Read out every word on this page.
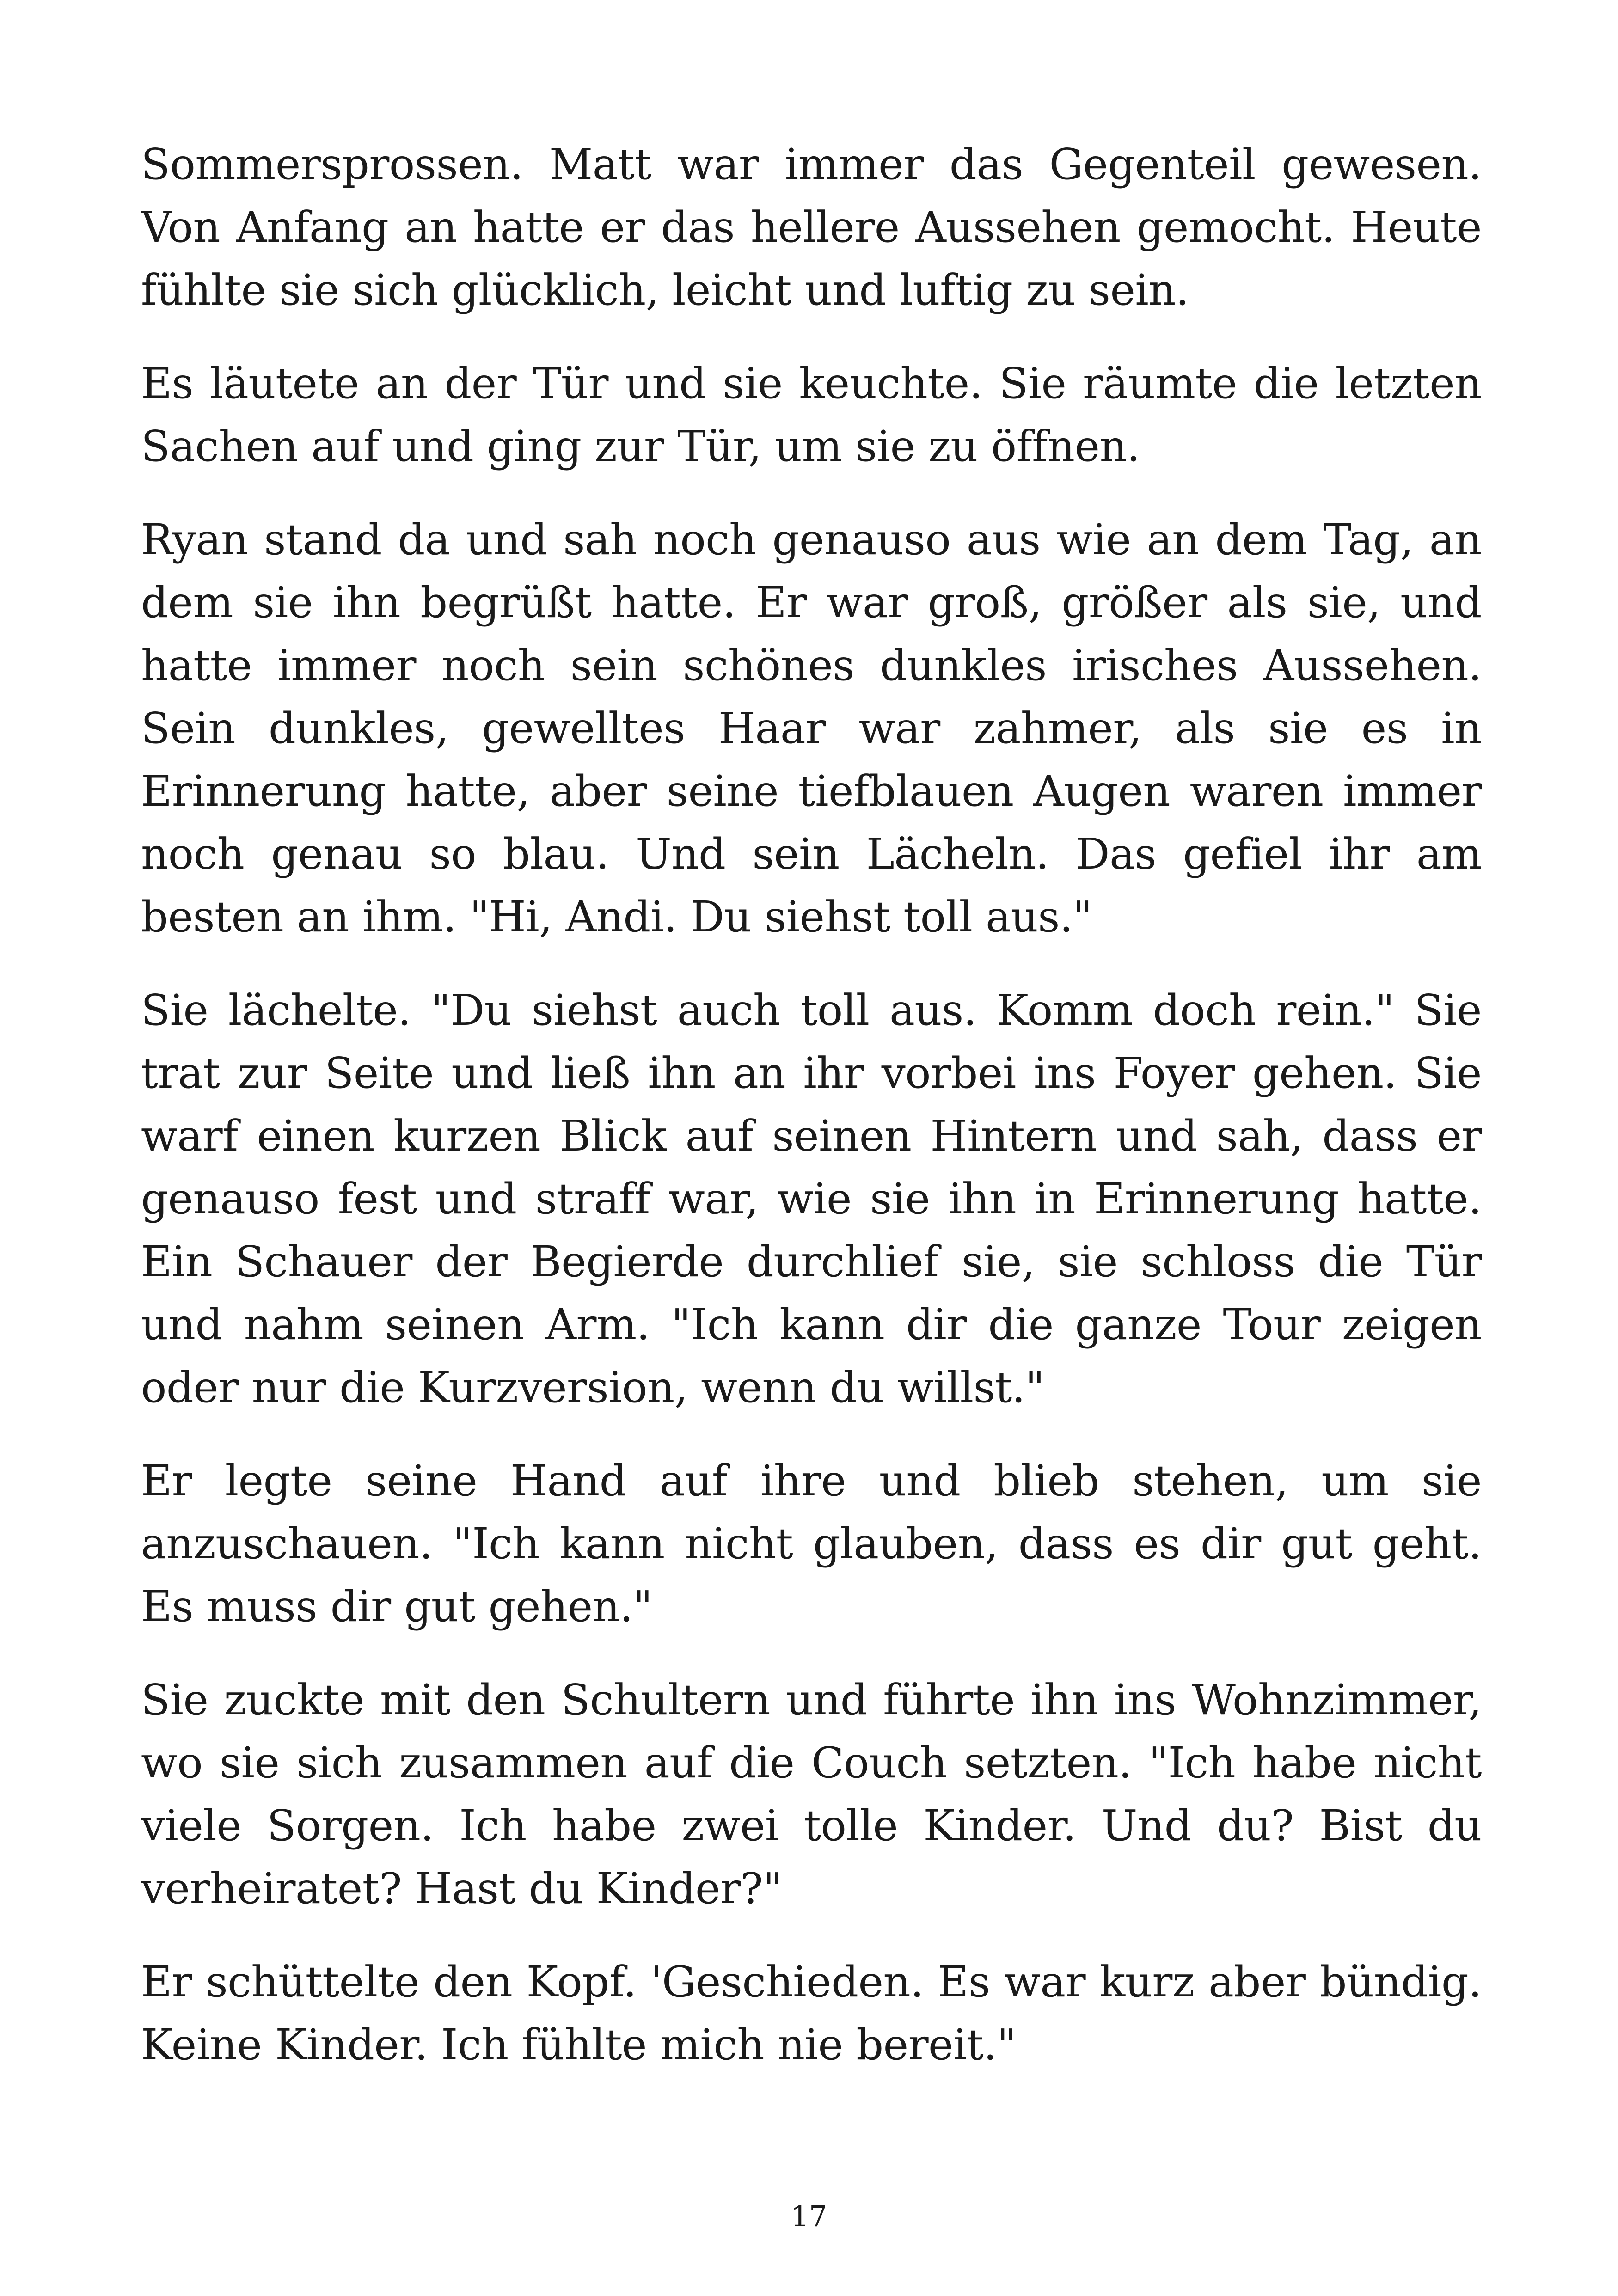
Sommersprossen. Matt war immer das Gegenteil gewesen. Von Anfang an hatte er das hellere Aussehen gemocht. Heute fühlte sie sich glücklich, leicht und luftig zu sein.

Es läutete an der Tür und sie keuchte. Sie räumte die letzten Sachen auf und ging zur Tür, um sie zu öffnen.

Ryan stand da und sah noch genauso aus wie an dem Tag, an dem sie ihn begrüßt hatte. Er war groß, größer als sie, und hatte immer noch sein schönes dunkles irisches Aussehen. Sein dunkles, gewelltes Haar war zahmer, als sie es in Erinnerung hatte, aber seine tiefblauen Augen waren immer noch genau so blau. Und sein Lächeln. Das gefiel ihr am besten an ihm. "Hi, Andi. Du siehst toll aus."

Sie lächelte. "Du siehst auch toll aus. Komm doch rein." Sie trat zur Seite und ließ ihn an ihr vorbei ins Foyer gehen. Sie warf einen kurzen Blick auf seinen Hintern und sah, dass er genauso fest und straff war, wie sie ihn in Erinnerung hatte. Ein Schauer der Begierde durchlief sie, sie schloss die Tür und nahm seinen Arm. "Ich kann dir die ganze Tour zeigen oder nur die Kurzversion, wenn du willst."

Er legte seine Hand auf ihre und blieb stehen, um sie anzuschauen. "Ich kann nicht glauben, dass es dir gut geht. Es muss dir gut gehen."

Sie zuckte mit den Schultern und führte ihn ins Wohnzimmer, wo sie sich zusammen auf die Couch setzten. "Ich habe nicht viele Sorgen. Ich habe zwei tolle Kinder. Und du? Bist du verheiratet? Hast du Kinder?"

Er schüttelte den Kopf. 'Geschieden. Es war kurz aber bündig. Keine Kinder. Ich fühlte mich nie bereit."

17
